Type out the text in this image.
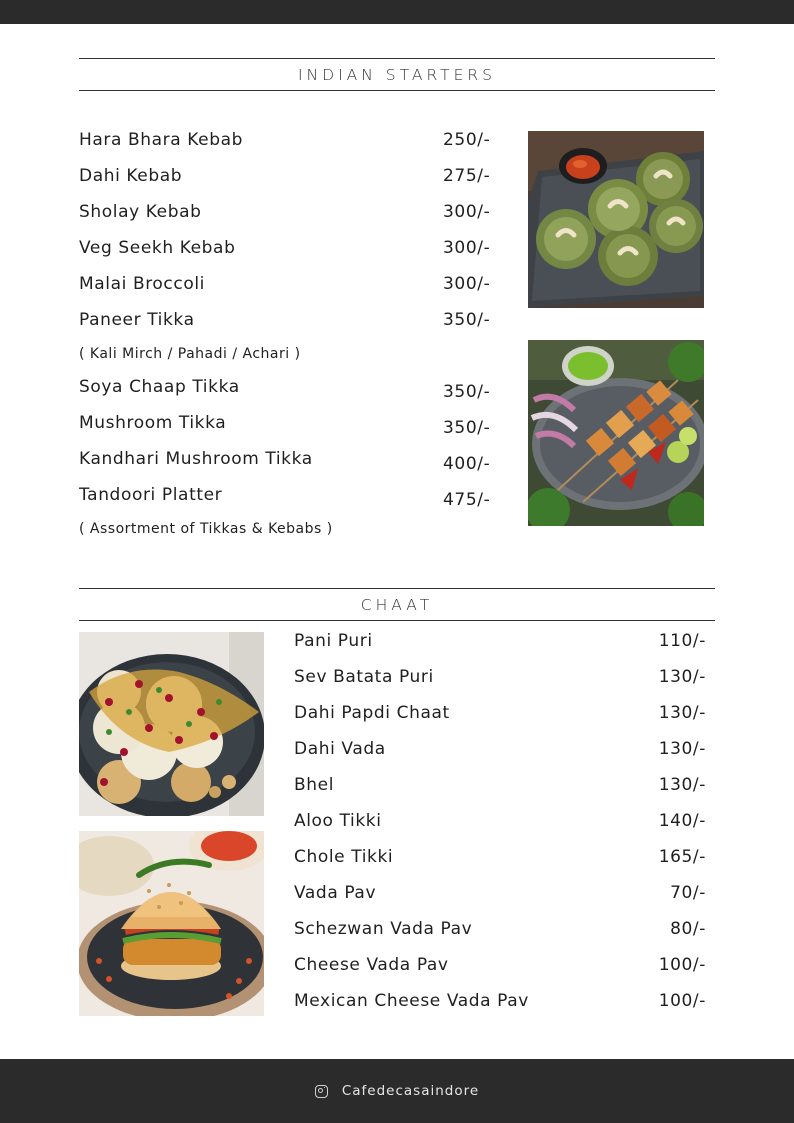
INDIAN STARTERS
Hara Bhara Kebab	250/-
Dahi Kebab	275/-
Sholay Kebab	300/-
Veg Seekh Kebab	300/-
Malai Broccoli	300/-
Paneer Tikka	350/-
( Kali Mirch / Pahadi / Achari )
Soya Chaap Tikka	350/-
Mushroom Tikka	350/-
Kandhari Mushroom Tikka	400/-
Tandoori Platter	475/-
( Assortment of Tikkas & Kebabs )
CHAAT
Pani Puri	110/-
Sev Batata Puri	130/-
Dahi Papdi Chaat	130/-
Dahi Vada	130/-
Bhel	130/-
Aloo Tikki	140/-
Chole Tikki	165/-
Vada Pav	70/-
Schezwan Vada Pav	80/-
Cheese Vada Pav	100/-
Mexican Cheese Vada Pav	100/-
Cafedecasaindore
